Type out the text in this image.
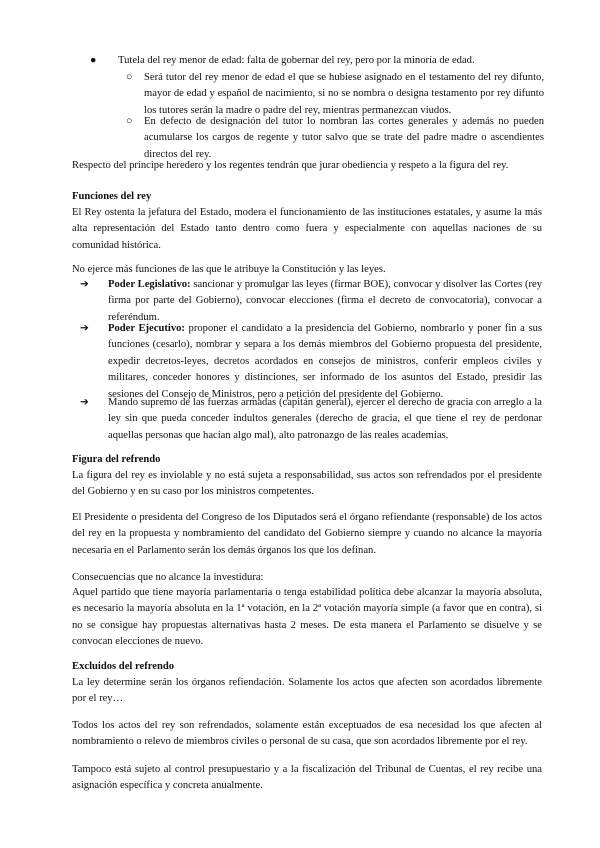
●	Tutela del rey menor de edad: falta de gobernar del rey, pero por la minoría de edad.
○	Será tutor del rey menor de edad el que se hubiese asignado en el testamento del rey difunto, mayor de edad y español de nacimiento, si no se nombra o designa testamento por rey difunto los tutores serán la madre o padre del rey, mientras permanezcan viudos.
○	En defecto de designación del tutor lo nombran las cortes generales y además no pueden acumularse los cargos de regente y tutor salvo que se trate del padre madre o ascendientes directos del rey.

Respecto del príncipe heredero y los regentes tendrán que jurar obediencia y respeto a la figura del rey.

Funciones del rey

El Rey ostenta la jefatura del Estado, modera el funcionamiento de las instituciones estatales, y asume la más alta representación del Estado tanto dentro como fuera y especialmente con aquellas naciones de su comunidad histórica.

No ejerce más funciones de las que le atribuye la Constitución y las leyes.

➔	Poder Legislativo: sancionar y promulgar las leyes (firmar BOE), convocar y disolver las Cortes (rey firma por parte del Gobierno), convocar elecciones (firma el decreto de convocatoria), convocar a referéndum.
➔	Poder Ejecutivo: proponer el candidato a la presidencia del Gobierno, nombrarlo y poner fin a sus funciones (cesarlo), nombrar y separa a los demás miembros del Gobierno propuesta del presidente, expedir decretos-leyes, decretos acordados en consejos de ministros, conferir empleos civiles y militares, conceder honores y distinciones, ser informado de los asuntos del Estado, presidir las sesiones del Consejo de Ministros, pero a petición del presidente del Gobierno.
➔	Mando supremo de las fuerzas armadas (capitán general), ejercer el derecho de gracia con arreglo a la ley sin que pueda conceder indultos generales (derecho de gracia, el que tiene el rey de perdonar aquellas personas que hacían algo mal), alto patronazgo de las reales academias.

Figura del refrendo

La figura del rey es inviolable y no está sujeta a responsabilidad, sus actos son refrendados por el presidente del Gobierno y en su caso por los ministros competentes.

El Presidente o presidenta del Congreso de los Diputados será el órgano refiendante (responsable) de los actos del rey en la propuesta y nombramiento del candidato del Gobierno siempre y cuando no alcance la mayoría necesaria en el Parlamento serán los demás órganos los que los definan.

Consecuencias que no alcance la investidura:

Aquel partido que tiene mayoría parlamentaria o tenga estabilidad política debe alcanzar la mayoría absoluta, es necesario la mayoría absoluta en la 1ª votación, en la 2ª votación mayoría simple (a favor que en contra), si no se consigue hay propuestas alternativas hasta 2 meses. De esta manera el Parlamento se disuelve y se convocan elecciones de nuevo.

Excluidos del refrendo

La ley determine serán los órganos refiendación. Solamente los actos que afecten son acordados libremente por el rey…

Todos los actos del rey son refrendados, solamente están exceptuados de esa necesidad los que afecten al nombramiento o relevo de miembros civiles o personal de su casa, que son acordados libremente por el rey.

Tampoco está sujeto al control presupuestario y a la fiscalización del Tribunal de Cuentas, el rey recibe una asignación específica y concreta anualmente.
